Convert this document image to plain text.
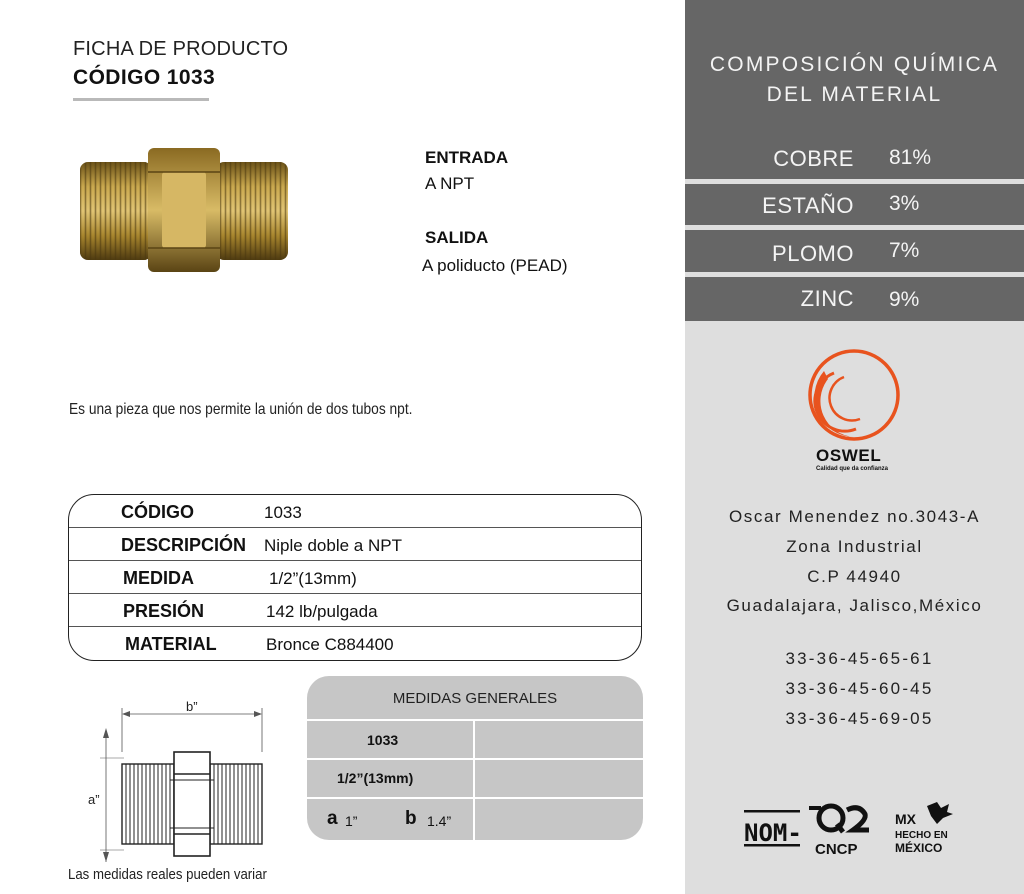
FICHA DE PRODUCTO
CÓDIGO 1033
ENTRADA
A NPT
SALIDA
A poliducto (PEAD)
Es una pieza que nos permite la unión de dos tubos npt.
CÓDIGO	1033
DESCRIPCIÓN Niple doble a NPT
MEDIDA	1/2”(13mm)
PRESIÓN	142 lb/pulgada
MATERIAL	Bronce C884400
b”
a”
Las medidas reales pueden variar
MEDIDAS GENERALES
1033
1/2”(13mm)
a 1”	b 1.4”
COMPOSICIÓN QUÍMICA
DEL MATERIAL
COBRE 81%
ESTAÑO 3%
PLOMO 7%
ZINC 9%
OSWEL
Calidad que da confianza
Oscar Menendez no.3043-A
Zona Industrial
C.P 44940
Guadalajara, Jalisco,México
33-36-45-65-61
33-36-45-60-45
33-36-45-69-05
NOM-
CNCP
MX
HECHO EN
MÉXICO
